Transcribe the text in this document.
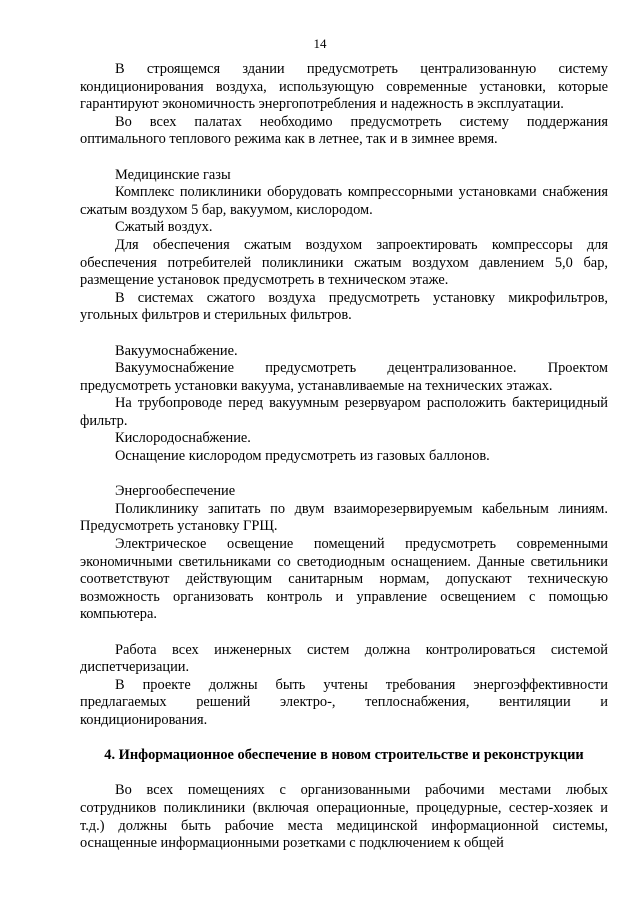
14

В строящемся здании предусмотреть централизованную систему кондиционирования воздуха, использующую современные установки, которые гарантируют экономичность энергопотребления и надежность в эксплуатации.

Во всех палатах необходимо предусмотреть систему поддержания оптимального теплового режима как в летнее, так и в зимнее время.

Медицинские газы

Комплекс поликлиники оборудовать компрессорными установками снабжения сжатым воздухом 5 бар, вакуумом, кислородом.

Сжатый воздух.

Для обеспечения сжатым воздухом запроектировать компрессоры для обеспечения потребителей поликлиники сжатым воздухом давлением 5,0 бар, размещение установок предусмотреть в техническом этаже.

В системах сжатого воздуха предусмотреть установку микрофильтров, угольных фильтров и стерильных фильтров.

Вакуумоснабжение.

Вакуумоснабжение предусмотреть децентрализованное. Проектом предусмотреть установки вакуума, устанавливаемые на технических этажах.

На трубопроводе перед вакуумным резервуаром расположить бактерицидный фильтр.

Кислородоснабжение.

Оснащение кислородом предусмотреть из газовых баллонов.

Энергообеспечение

Поликлинику запитать по двум взаиморезервируемым кабельным линиям. Предусмотреть установку ГРЩ.

Электрическое освещение помещений предусмотреть современными экономичными светильниками со светодиодным оснащением. Данные светильники соответствуют действующим санитарным нормам, допускают техническую возможность организовать контроль и управление освещением с помощью компьютера.

Работа всех инженерных систем должна контролироваться системой диспетчеризации.

В проекте должны быть учтены требования энергоэффективности предлагаемых решений электро-, теплоснабжения, вентиляции и кондиционирования.

4. Информационное обеспечение в новом строительстве и реконструкции

Во всех помещениях с организованными рабочими местами любых сотрудников поликлиники (включая операционные, процедурные, сестер-хозяек и т.д.) должны быть рабочие места медицинской информационной системы, оснащенные информационными розетками с подключением к общей
